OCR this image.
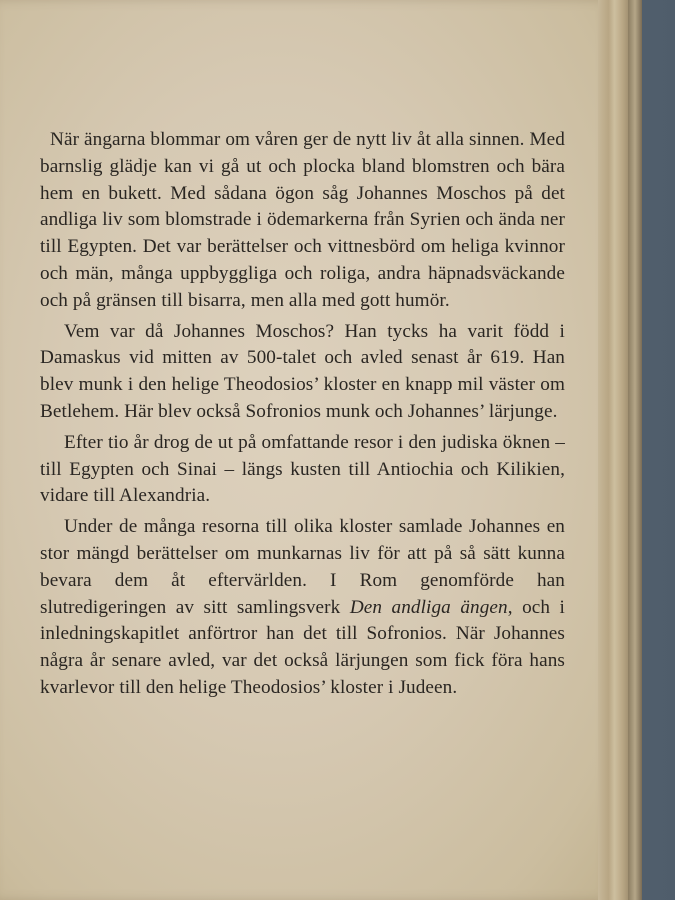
När ängarna blommar om våren ger de nytt liv åt alla sinnen. Med barnslig glädje kan vi gå ut och plocka bland blomstren och bära hem en bukett. Med sådana ögon såg Johannes Moschos på det andliga liv som blomstrade i ödemarkerna från Syrien och ända ner till Egypten. Det var berättelser och vittnesbörd om heliga kvinnor och män, många uppbyggliga och roliga, andra häpnadsväckande och på gränsen till bisarra, men alla med gott humör.

Vem var då Johannes Moschos? Han tycks ha varit född i Damaskus vid mitten av 500-talet och avled senast år 619. Han blev munk i den helige Theodosios’ kloster en knapp mil väster om Betlehem. Här blev också Sofronios munk och Johannes’ lärjunge.

Efter tio år drog de ut på omfattande resor i den judiska öknen – till Egypten och Sinai – längs kusten till Antiochia och Kilikien, vidare till Alexandria.

Under de många resorna till olika kloster samlade Johannes en stor mängd berättelser om munkarnas liv för att på så sätt kunna bevara dem åt eftervärlden. I Rom genomförde han slutredigeringen av sitt samlingsverk Den andliga ängen, och i inledningskapitlet anförtror han det till Sofronios. När Johannes några år senare avled, var det också lärjungen som fick föra hans kvarlevor till den helige Theodosios’ kloster i Judeen.
